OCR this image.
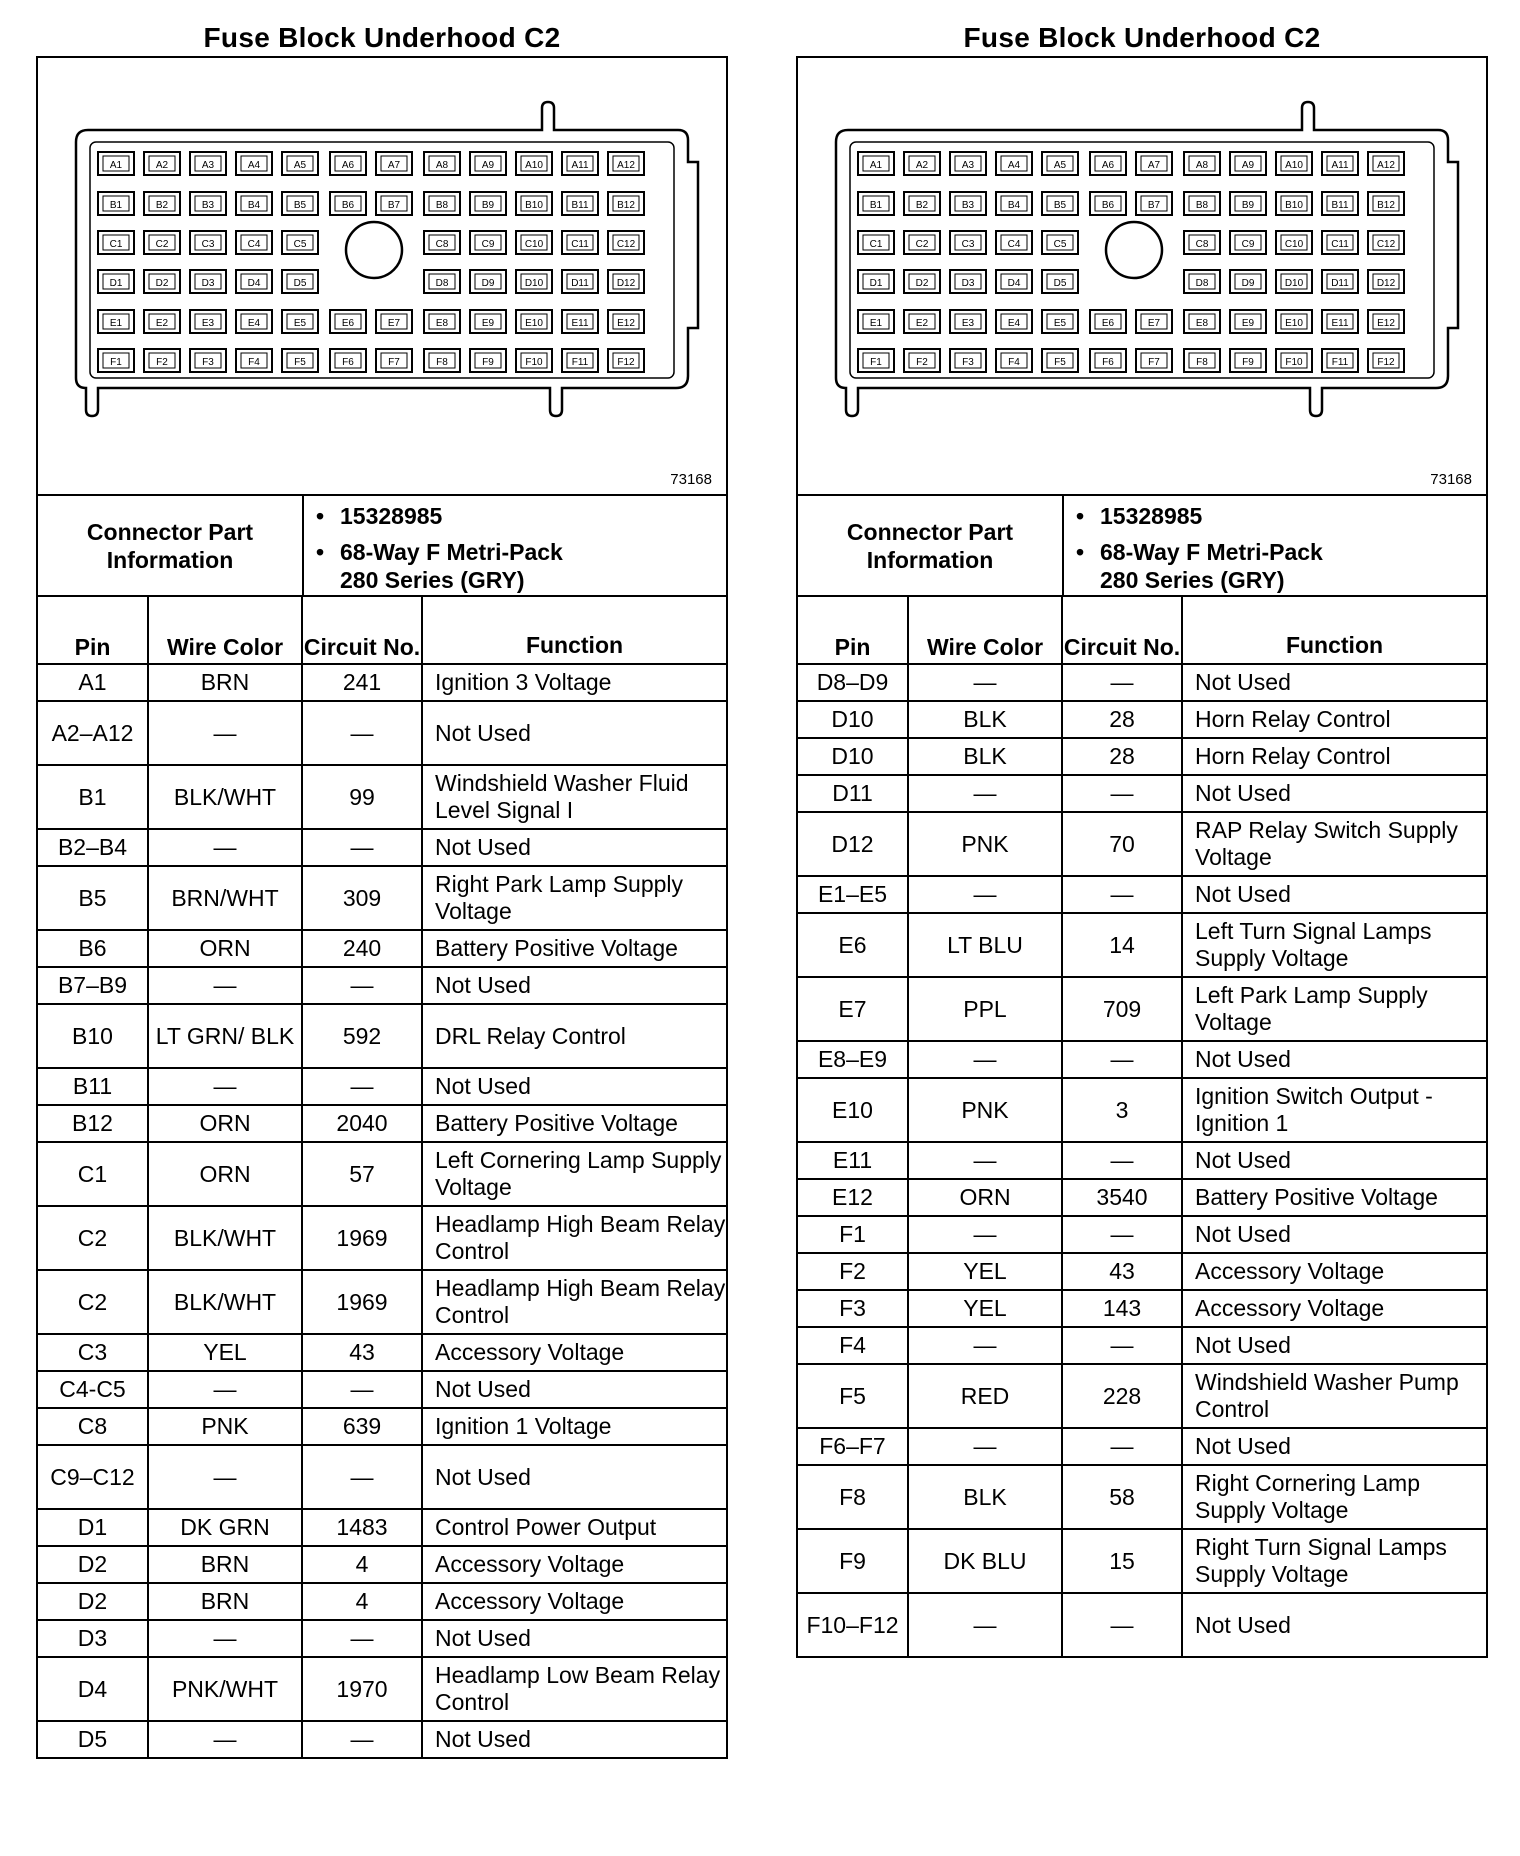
Fuse Block Underhood C2
A1	A2	A3	A4	A5	A6	A7	A8	A9	A10	A11	A12
B1	B2	B3	B4	B5	B6	B7	B8	B9	B10	B11	B12
C1	C2	C3	C4	C5	C8	C9	C10	C11	C12
D1	D2	D3	D4	D5	D8	D9	D10	D11	D12
E1	E2	E3	E4	E5	E6	E7	E8	E9	E10	E11	E12
F1	F2	F3	F4	F5	F6	F7	F8	F9	F10	F11	F12
73168
Connector Part Information
• 15328985
• 68-Way F Metri-Pack
280 Series (GRY)
Pin	Wire Color	Circuit No.	Function
A1	BRN	241	Ignition 3 Voltage
A2–A12	—	—	Not Used
B1	BLK/WHT	99	Windshield Washer Fluid Level Signal I
B2–B4	—	—	Not Used
B5	BRN/WHT	309	Right Park Lamp Supply Voltage
B6	ORN	240	Battery Positive Voltage
B7–B9	—	—	Not Used
B10	LT GRN/ BLK	592	DRL Relay Control
B11	—	—	Not Used
B12	ORN	2040	Battery Positive Voltage
C1	ORN	57	Left Cornering Lamp Supply Voltage
C2	BLK/WHT	1969	Headlamp High Beam Relay Control
C2	BLK/WHT	1969	Headlamp High Beam Relay Control
C3	YEL	43	Accessory Voltage
C4-C5	—	—	Not Used
C8	PNK	639	Ignition 1 Voltage
C9–C12	—	—	Not Used
D1	DK GRN	1483	Control Power Output
D2	BRN	4	Accessory Voltage
D2	BRN	4	Accessory Voltage
D3	—	—	Not Used
D4	PNK/WHT	1970	Headlamp Low Beam Relay Control
D5	—	—	Not Used
Fuse Block Underhood C2
A1	A2	A3	A4	A5	A6	A7	A8	A9	A10	A11	A12
B1	B2	B3	B4	B5	B6	B7	B8	B9	B10	B11	B12
C1	C2	C3	C4	C5	C8	C9	C10	C11	C12
D1	D2	D3	D4	D5	D8	D9	D10	D11	D12
E1	E2	E3	E4	E5	E6	E7	E8	E9	E10	E11	E12
F1	F2	F3	F4	F5	F6	F7	F8	F9	F10	F11	F12
73168
Connector Part Information
• 15328985
• 68-Way F Metri-Pack
280 Series (GRY)
Pin	Wire Color	Circuit No.	Function
D8–D9	—	—	Not Used
D10	BLK	28	Horn Relay Control
D10	BLK	28	Horn Relay Control
D11	—	—	Not Used
D12	PNK	70	RAP Relay Switch Supply Voltage
E1–E5	—	—	Not Used
E6	LT BLU	14	Left Turn Signal Lamps Supply Voltage
E7	PPL	709	Left Park Lamp Supply Voltage
E8–E9	—	—	Not Used
E10	PNK	3	Ignition Switch Output - Ignition 1
E11	—	—	Not Used
E12	ORN	3540	Battery Positive Voltage
F1	—	—	Not Used
F2	YEL	43	Accessory Voltage
F3	YEL	143	Accessory Voltage
F4	—	—	Not Used
F5	RED	228	Windshield Washer Pump Control
F6–F7	—	—	Not Used
F8	BLK	58	Right Cornering Lamp Supply Voltage
F9	DK BLU	15	Right Turn Signal Lamps Supply Voltage
F10–F12	—	—	Not Used
